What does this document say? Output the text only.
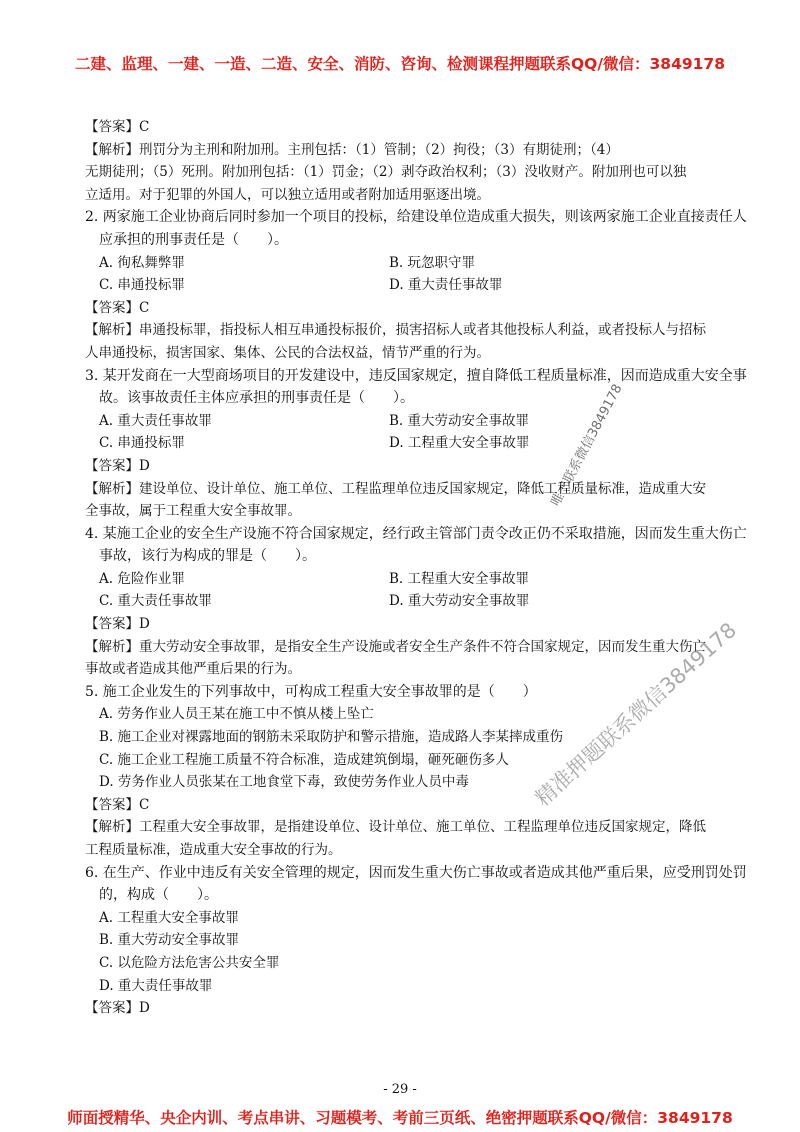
二建、监理、一建、一造、二造、安全、消防、咨询、检测课程押题联系QQ/微信：3849178
【答案】C
【解析】刑罚分为主刑和附加刑。主刑包括：（1）管制；（2）拘役；（3）有期徒刑；（4）
无期徒刑；（5）死刑。附加刑包括：（1）罚金；（2）剥夺政治权利；（3）没收财产。附加刑也可以独
立适用。对于犯罪的外国人，可以独立适用或者附加适用驱逐出境。
2. 两家施工企业协商后同时参加一个项目的投标，给建设单位造成重大损失，则该两家施工企业直接责任人
应承担的刑事责任是（　　）。
A. 徇私舞弊罪	B. 玩忽职守罪
C. 串通投标罪	D. 重大责任事故罪
【答案】C
【解析】串通投标罪，指投标人相互串通投标报价，损害招标人或者其他投标人利益，或者投标人与招标
人串通投标，损害国家、集体、公民的合法权益，情节严重的行为。
3. 某开发商在一大型商场项目的开发建设中，违反国家规定，擅自降低工程质量标准，因而造成重大安全事
故。该事故责任主体应承担的刑事责任是（　　）。
A. 重大责任事故罪	B. 重大劳动安全事故罪
C. 串通投标罪	D. 工程重大安全事故罪
【答案】D
【解析】建设单位、设计单位、施工单位、工程监理单位违反国家规定，降低工程质量标准，造成重大安
全事故，属于工程重大安全事故罪。
4. 某施工企业的安全生产设施不符合国家规定，经行政主管部门责令改正仍不采取措施，因而发生重大伤亡
事故，该行为构成的罪是（　　）。
A. 危险作业罪	B. 工程重大安全事故罪
C. 重大责任事故罪	D. 重大劳动安全事故罪
【答案】D
【解析】重大劳动安全事故罪，是指安全生产设施或者安全生产条件不符合国家规定，因而发生重大伤亡
事故或者造成其他严重后果的行为。
5. 施工企业发生的下列事故中，可构成工程重大安全事故罪的是（　　）
A. 劳务作业人员王某在施工中不慎从楼上坠亡
B. 施工企业对裸露地面的钢筋未采取防护和警示措施，造成路人李某摔成重伤
C. 施工企业工程施工质量不符合标准，造成建筑倒塌，砸死砸伤多人
D. 劳务作业人员张某在工地食堂下毒，致使劳务作业人员中毒
【答案】C
【解析】工程重大安全事故罪，是指建设单位、设计单位、施工单位、工程监理单位违反国家规定，降低
工程质量标准，造成重大安全事故的行为。
6. 在生产、作业中违反有关安全管理的规定，因而发生重大伤亡事故或者造成其他严重后果，应受刑罚处罚
的，构成（　　）。
A. 工程重大安全事故罪
B. 重大劳动安全事故罪
C. 以危险方法危害公共安全罪
D. 重大责任事故罪
【答案】D
唯一联系微信3849178
精准押题联系微信3849178
- 29 -
师面授精华、央企内训、考点串讲、习题模考、考前三页纸、绝密押题联系QQ/微信：3849178
